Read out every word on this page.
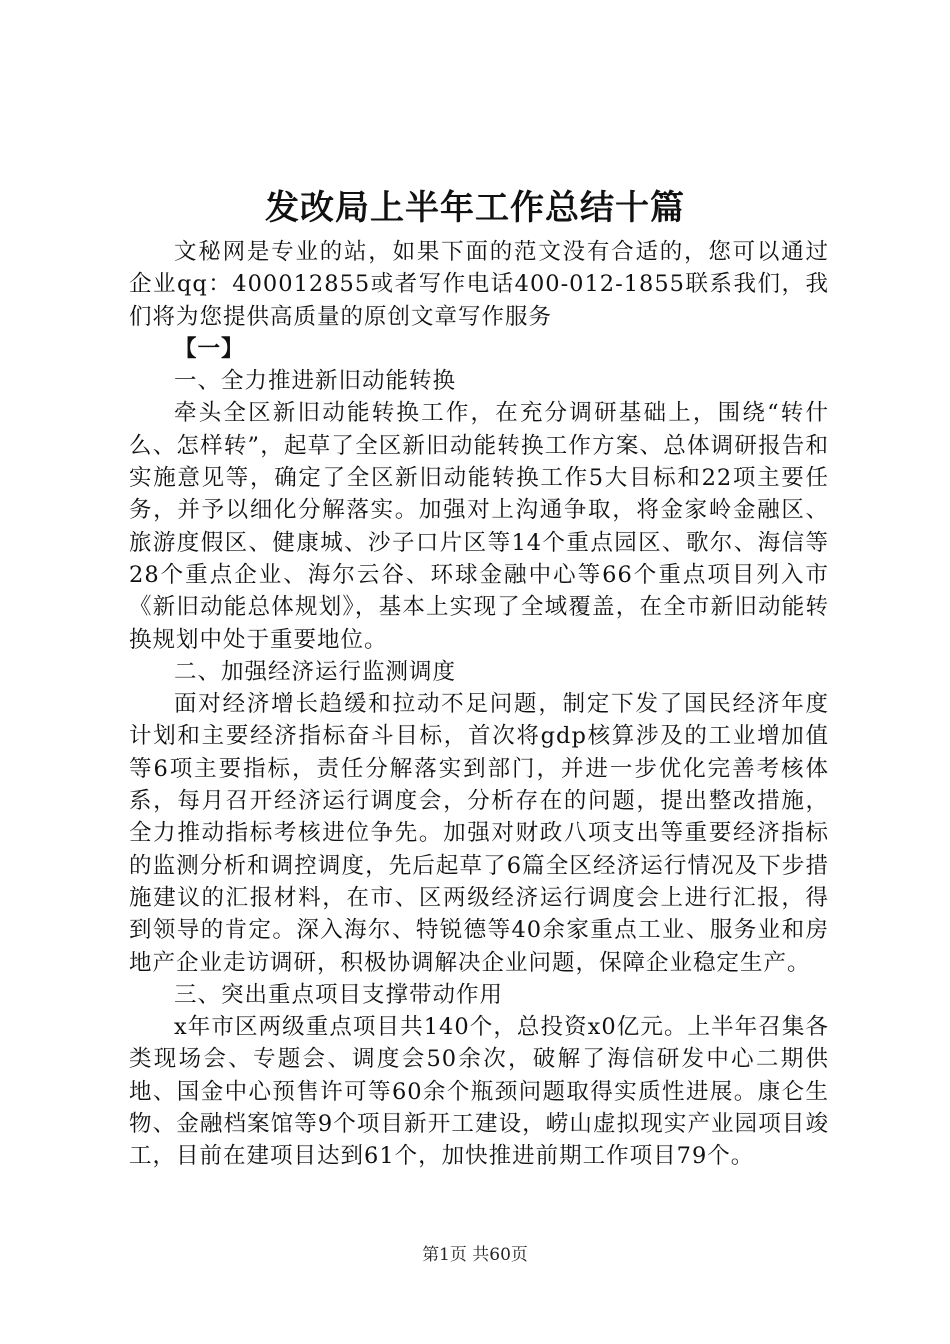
发改局上半年工作总结十篇

文秘网是专业的站，如果下面的范文没有合适的，您可以通过企业qq：400012855或者写作电话400-012-1855联系我们，我们将为您提供高质量的原创文章写作服务

【一】

一、全力推进新旧动能转换

牵头全区新旧动能转换工作，在充分调研基础上，围绕“转什么、怎样转”，起草了全区新旧动能转换工作方案、总体调研报告和实施意见等，确定了全区新旧动能转换工作5大目标和22项主要任务，并予以细化分解落实。加强对上沟通争取，将金家岭金融区、旅游度假区、健康城、沙子口片区等14个重点园区、歌尔、海信等28个重点企业、海尔云谷、环球金融中心等66个重点项目列入市《新旧动能总体规划》，基本上实现了全域覆盖，在全市新旧动能转换规划中处于重要地位。

二、加强经济运行监测调度

面对经济增长趋缓和拉动不足问题，制定下发了国民经济年度计划和主要经济指标奋斗目标，首次将gdp核算涉及的工业增加值等6项主要指标，责任分解落实到部门，并进一步优化完善考核体系，每月召开经济运行调度会，分析存在的问题，提出整改措施，全力推动指标考核进位争先。加强对财政八项支出等重要经济指标的监测分析和调控调度，先后起草了6篇全区经济运行情况及下步措施建议的汇报材料，在市、区两级经济运行调度会上进行汇报，得到领导的肯定。深入海尔、特锐德等40余家重点工业、服务业和房地产企业走访调研，积极协调解决企业问题，保障企业稳定生产。

三、突出重点项目支撑带动作用

x年市区两级重点项目共140个，总投资x0亿元。上半年召集各类现场会、专题会、调度会50余次，破解了海信研发中心二期供地、国金中心预售许可等60余个瓶颈问题取得实质性进展。康仑生物、金融档案馆等9个项目新开工建设，崂山虚拟现实产业园项目竣工，目前在建项目达到61个，加快推进前期工作项目79个。

第1页 共60页
